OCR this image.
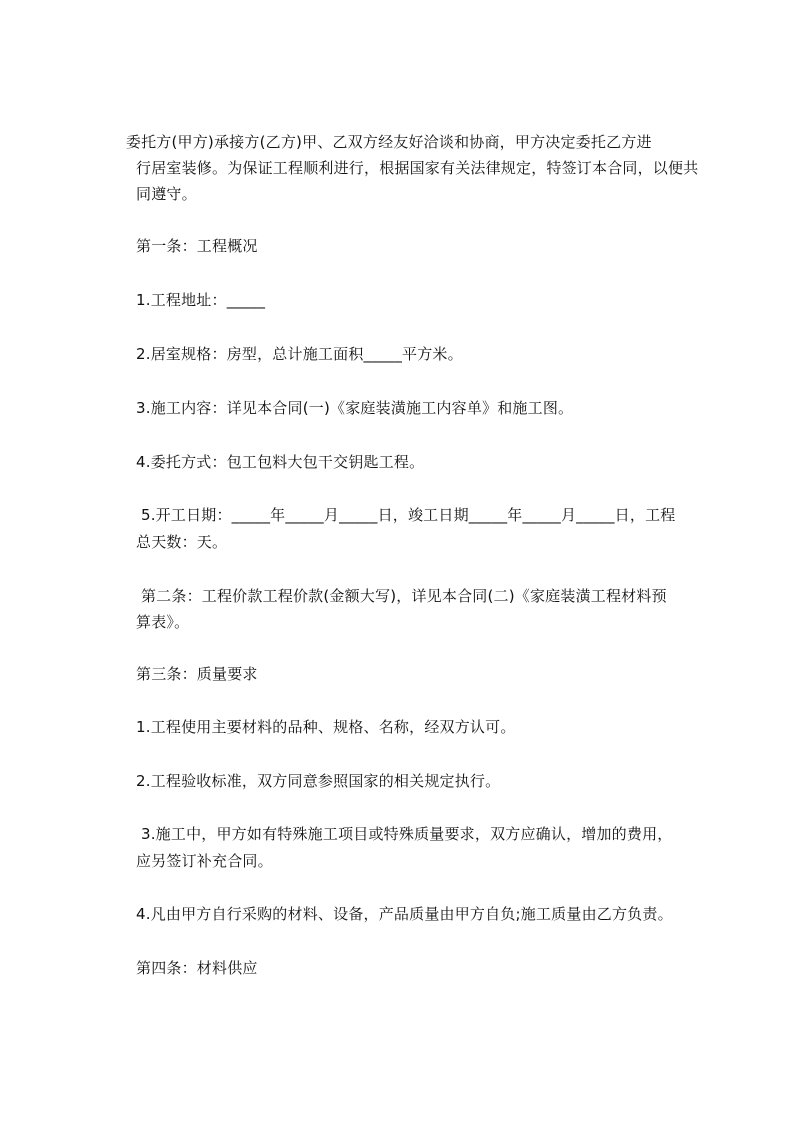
委托方(甲方)承接方(乙方)甲、乙双方经友好洽谈和协商，甲方决定委托乙方进
行居室装修。为保证工程顺利进行，根据国家有关法律规定，特签订本合同，以便共
同遵守。
第一条：工程概况
1.工程地址：_____
2.居室规格：房型，总计施工面积_____平方米。
3.施工内容：详见本合同(一)《家庭装潢施工内容单》和施工图。
4.委托方式：包工包料大包干交钥匙工程。
5.开工日期：_____年_____月_____日，竣工日期_____年_____月_____日，工程
总天数：天。
第二条：工程价款工程价款(金额大写)，详见本合同(二)《家庭装潢工程材料预
算表》。
第三条：质量要求
1.工程使用主要材料的品种、规格、名称，经双方认可。
2.工程验收标准，双方同意参照国家的相关规定执行。
3.施工中，甲方如有特殊施工项目或特殊质量要求，双方应确认，增加的费用，
应另签订补充合同。
4.凡由甲方自行采购的材料、设备，产品质量由甲方自负;施工质量由乙方负责。
第四条：材料供应
